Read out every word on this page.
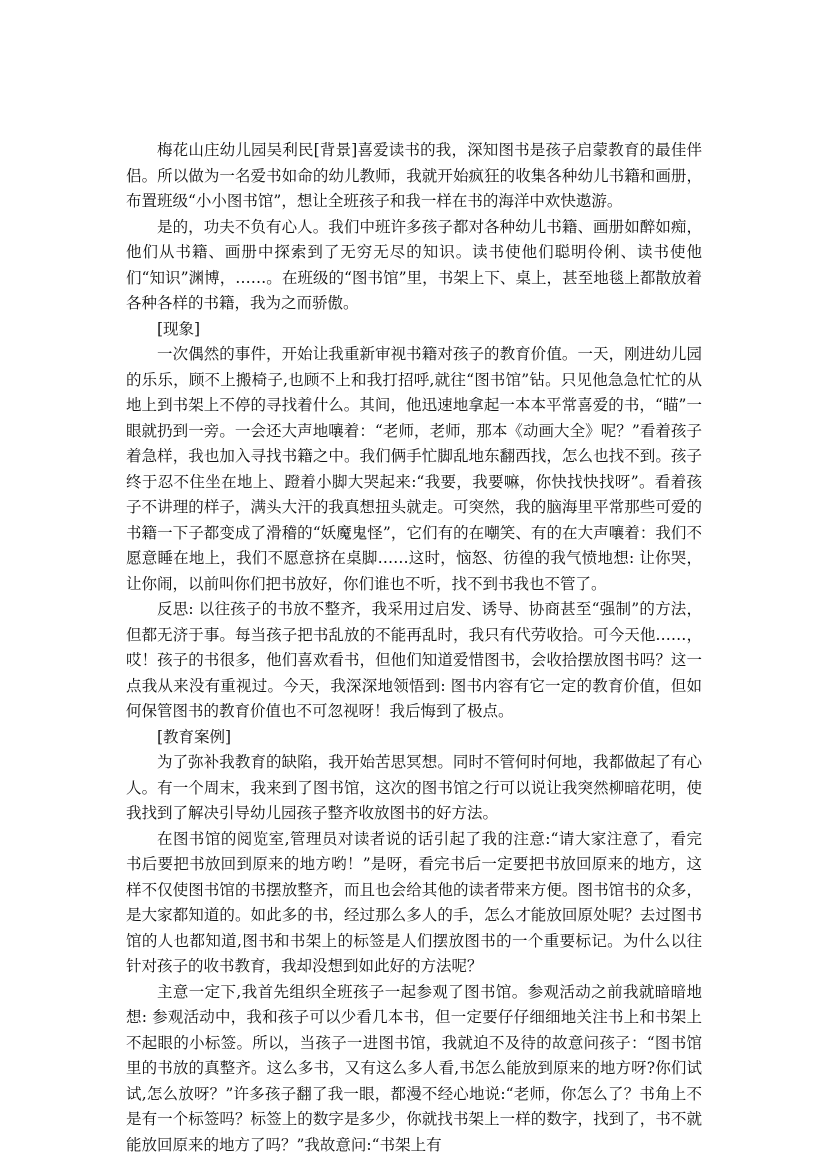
梅花山庄幼儿园吴利民[背景]喜爱读书的我，深知图书是孩子启蒙教育的最佳伴侣。所以做为一名爱书如命的幼儿教师，我就开始疯狂的收集各种幼儿书籍和画册，布置班级“小小图书馆”，想让全班孩子和我一样在书的海洋中欢快遨游。

是的，功夫不负有心人。我们中班许多孩子都对各种幼儿书籍、画册如醉如痴，他们从书籍、画册中探索到了无穷无尽的知识。读书使他们聪明伶俐、读书使他们“知识”渊博，……。在班级的“图书馆”里，书架上下、桌上，甚至地毯上都散放着各种各样的书籍，我为之而骄傲。

[现象]

一次偶然的事件，开始让我重新审视书籍对孩子的教育价值。一天，刚进幼儿园的乐乐，顾不上搬椅子,也顾不上和我打招呼,就往“图书馆”钻。只见他急急忙忙的从地上到书架上不停的寻找着什么。其间，他迅速地拿起一本本平常喜爱的书，“瞄”一眼就扔到一旁。一会还大声地嚷着：“老师，老师，那本《动画大全》呢？”看着孩子着急样，我也加入寻找书籍之中。我们俩手忙脚乱地东翻西找，怎么也找不到。孩子终于忍不住坐在地上、蹬着小脚大哭起来:“我要，我要嘛，你快找快找呀”。看着孩子不讲理的样子，满头大汗的我真想扭头就走。可突然，我的脑海里平常那些可爱的书籍一下子都变成了滑稽的“妖魔鬼怪”，它们有的在嘲笑、有的在大声嚷着：我们不愿意睡在地上，我们不愿意挤在桌脚……这时，恼怒、彷徨的我气愤地想: 让你哭，让你闹，以前叫你们把书放好，你们谁也不听，找不到书我也不管了。

反思: 以往孩子的书放不整齐，我采用过启发、诱导、协商甚至“强制”的方法，但都无济于事。每当孩子把书乱放的不能再乱时，我只有代劳收拾。可今天他……，哎！孩子的书很多，他们喜欢看书，但他们知道爱惜图书，会收拾摆放图书吗？这一点我从来没有重视过。今天，我深深地领悟到: 图书内容有它一定的教育价值，但如何保管图书的教育价值也不可忽视呀！我后悔到了极点。

[教育案例]

为了弥补我教育的缺陷，我开始苦思冥想。同时不管何时何地，我都做起了有心人。有一个周末，我来到了图书馆，这次的图书馆之行可以说让我突然柳暗花明，使我找到了解决引导幼儿园孩子整齐收放图书的好方法。

在图书馆的阅览室,管理员对读者说的话引起了我的注意:“请大家注意了，看完书后要把书放回到原来的地方哟！”是呀，看完书后一定要把书放回原来的地方，这样不仅使图书馆的书摆放整齐，而且也会给其他的读者带来方便。图书馆书的众多，是大家都知道的。如此多的书，经过那么多人的手，怎么才能放回原处呢？去过图书馆的人也都知道,图书和书架上的标签是人们摆放图书的一个重要标记。为什么以往针对孩子的收书教育，我却没想到如此好的方法呢？

主意一定下,我首先组织全班孩子一起参观了图书馆。参观活动之前我就暗暗地想: 参观活动中，我和孩子可以少看几本书，但一定要仔仔细细地关注书上和书架上不起眼的小标签。所以，当孩子一进图书馆，我就迫不及待的故意问孩子：“图书馆里的书放的真整齐。这么多书，又有这么多人看,书怎么能放到原来的地方呀?你们试试,怎么放呀？”许多孩子翻了我一眼，都漫不经心地说:“老师，你怎么了？书角上不是有一个标签吗？标签上的数字是多少，你就找书架上一样的数字，找到了，书不就能放回原来的地方了吗？”我故意问:“书架上有
